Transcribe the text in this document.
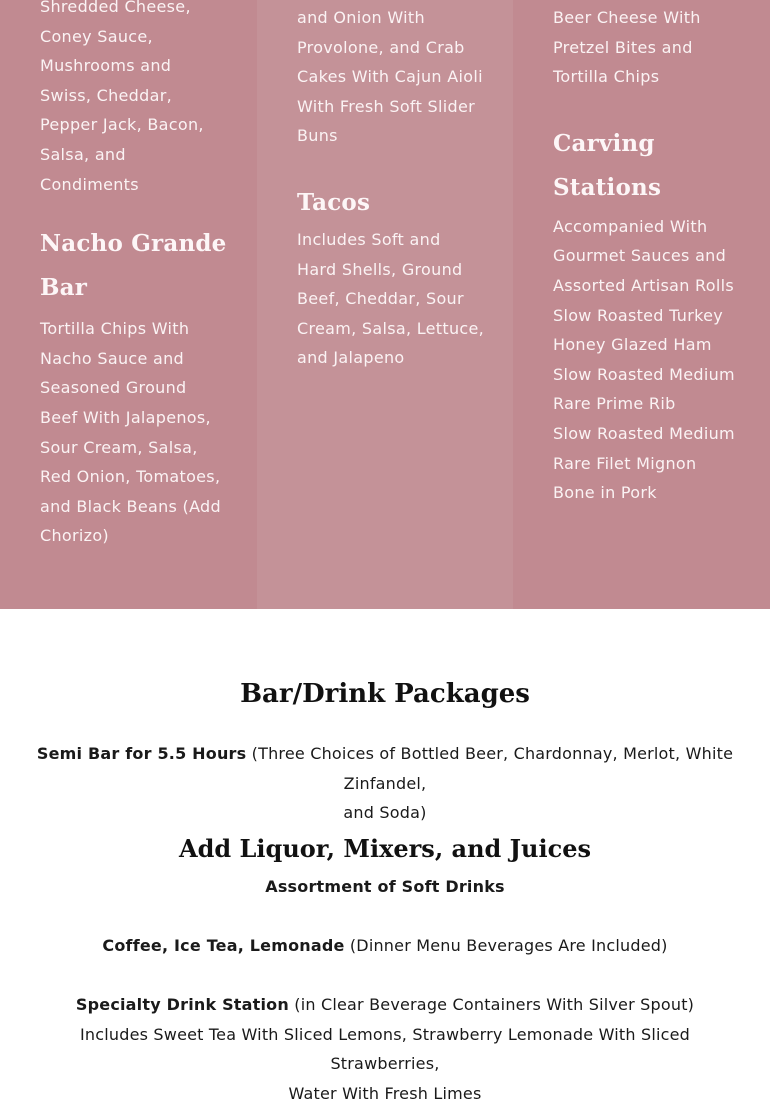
Shredded Cheese,
Coney Sauce,
Mushrooms and
Swiss, Cheddar,
Pepper Jack, Bacon,
Salsa, and
Condiments

Nacho Grande
Bar

Tortilla Chips With
Nacho Sauce and
Seasoned Ground
Beef With Jalapenos,
Sour Cream, Salsa,
Red Onion, Tomatoes,
and Black Beans (Add
Chorizo)

and Onion With
Provolone, and Crab
Cakes With Cajun Aioli
With Fresh Soft Slider
Buns

Tacos

Includes Soft and
Hard Shells, Ground
Beef, Cheddar, Sour
Cream, Salsa, Lettuce,
and Jalapeno

Beer Cheese With
Pretzel Bites and
Tortilla Chips

Carving
Stations

Accompanied With
Gourmet Sauces and
Assorted Artisan Rolls
Slow Roasted Turkey
Honey Glazed Ham
Slow Roasted Medium
Rare Prime Rib
Slow Roasted Medium
Rare Filet Mignon
Bone in Pork

Bar/Drink Packages

Semi Bar for 5.5 Hours (Three Choices of Bottled Beer, Chardonnay, Merlot, White Zinfandel,
and Soda)

Add Liquor, Mixers, and Juices

Assortment of Soft Drinks

Coffee, Ice Tea, Lemonade (Dinner Menu Beverages Are Included)

Specialty Drink Station (in Clear Beverage Containers With Silver Spout)
Includes Sweet Tea With Sliced Lemons, Strawberry Lemonade With Sliced Strawberries,
Water With Fresh Limes
